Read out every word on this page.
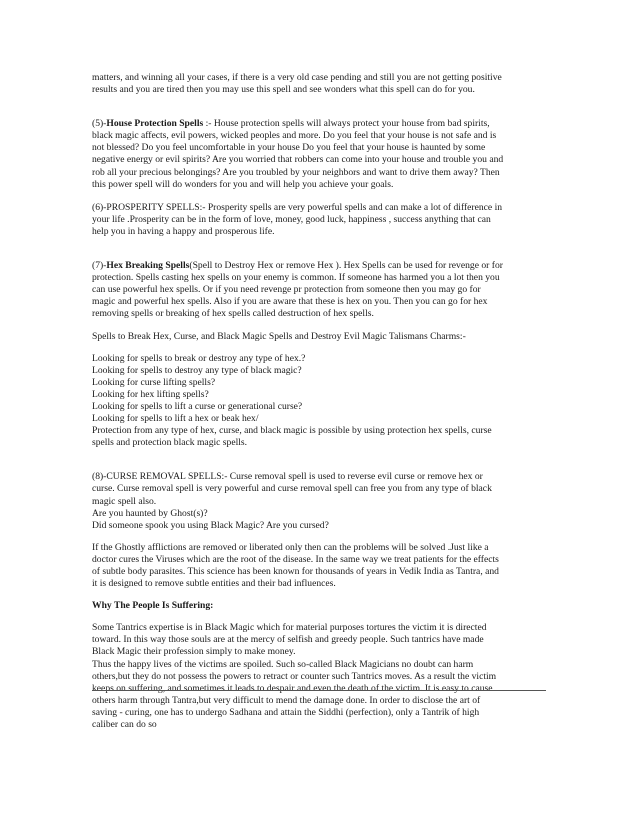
matters, and winning all your cases, if there is a very old case pending and still you are not getting positive
results and you are tired then you may use this spell and see wonders what this spell can do for you.
(5)-House Protection Spells :- House protection spells will always protect your house from bad spirits,
black magic affects, evil powers, wicked peoples and more. Do you feel that your house is not safe and is
not blessed? Do you feel uncomfortable in your house Do you feel that your house is haunted by some
negative energy or evil spirits? Are you worried that robbers can come into your house and trouble you and
rob all your precious belongings? Are you troubled by your neighbors and want to drive them away? Then
this power spell will do wonders for you and will help you achieve your goals.
(6)-PROSPERITY SPELLS:- Prosperity spells are very powerful spells and can make a lot of difference in
your life .Prosperity can be in the form of love, money, good luck, happiness , success anything that can
help you in having a happy and prosperous life.
(7)-Hex Breaking Spells(Spell to Destroy Hex or remove Hex ). Hex Spells can be used for revenge or for
protection. Spells casting hex spells on your enemy is common. If someone has harmed you a lot then you
can use powerful hex spells. Or if you need revenge pr protection from someone then you may go for
magic and powerful hex spells. Also if you are aware that these is hex on you. Then you can go for hex
removing spells or breaking of hex spells called destruction of hex spells.
Spells to Break Hex, Curse, and Black Magic Spells and Destroy Evil Magic Talismans Charms:-
Looking for spells to break or destroy any type of hex.?
Looking for spells to destroy any type of black magic?
Looking for curse lifting spells?
Looking for hex lifting spells?
Looking for spells to lift a curse or generational curse?
Looking for spells to lift a hex or beak hex/
Protection from any type of hex, curse, and black magic is possible by using protection hex spells, curse
spells and protection black magic spells.
(8)-CURSE REMOVAL SPELLS:- Curse removal spell is used to reverse evil curse or remove hex or
curse. Curse removal spell is very powerful and curse removal spell can free you from any type of black
magic spell also.
Are you haunted by Ghost(s)?
Did someone spook you using Black Magic? Are you cursed?
If the Ghostly afflictions are removed or liberated only then can the problems will be solved .Just like a
doctor cures the Viruses which are the root of the disease. In the same way we treat patients for the effects
of subtle body parasites. This science has been known for thousands of years in Vedik India as Tantra, and
it is designed to remove subtle entities and their bad influences.
Why The People Is Suffering:
Some Tantrics expertise is in Black Magic which for material purposes tortures the victim it is directed
toward. In this way those souls are at the mercy of selfish and greedy people. Such tantrics have made
Black Magic their profession simply to make money.
Thus the happy lives of the victims are spoiled. Such so-called Black Magicians no doubt can harm
others,but they do not possess the powers to retract or counter such Tantrics moves. As a result the victim
keeps on suffering, and sometimes it leads to despair and even the death of the victim. It is easy to cause
others harm through Tantra,but very difficult to mend the damage done. In order to disclose the art of
saving - curing, one has to undergo Sadhana and attain the Siddhi (perfection), only a Tantrik of high
caliber can do so
